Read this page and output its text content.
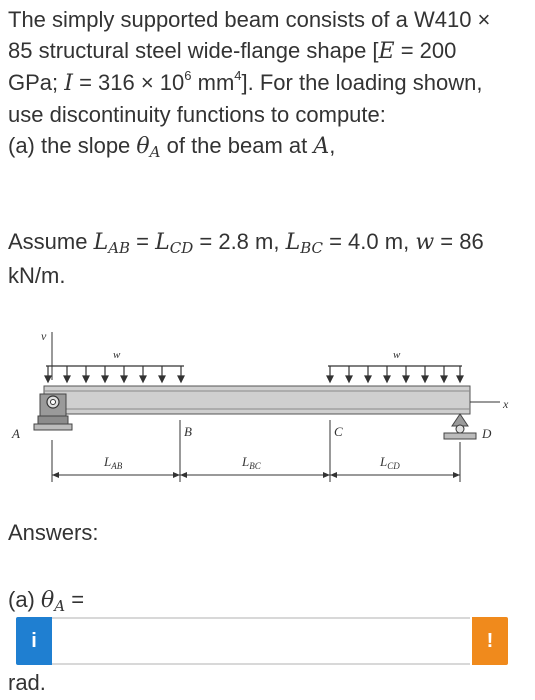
The simply supported beam consists of a W410 ×

85 structural steel wide-flange shape [E = 200

GPa; $I = 316 \times 10^6$ $mm^4$]. For the loading shown,

use discontinuity functions to compute:

(a) the slope θA of the beam at A,

Assume LAB = LCD = 2.8 m, LBC = 4.0 m, w = 86
kN/m.
v
w	w
x
A	D
B	C
$L_{AB}$	$L_{BC}$	$L_{CD}$
Answers:
(a) θA =
i	!
rad.
